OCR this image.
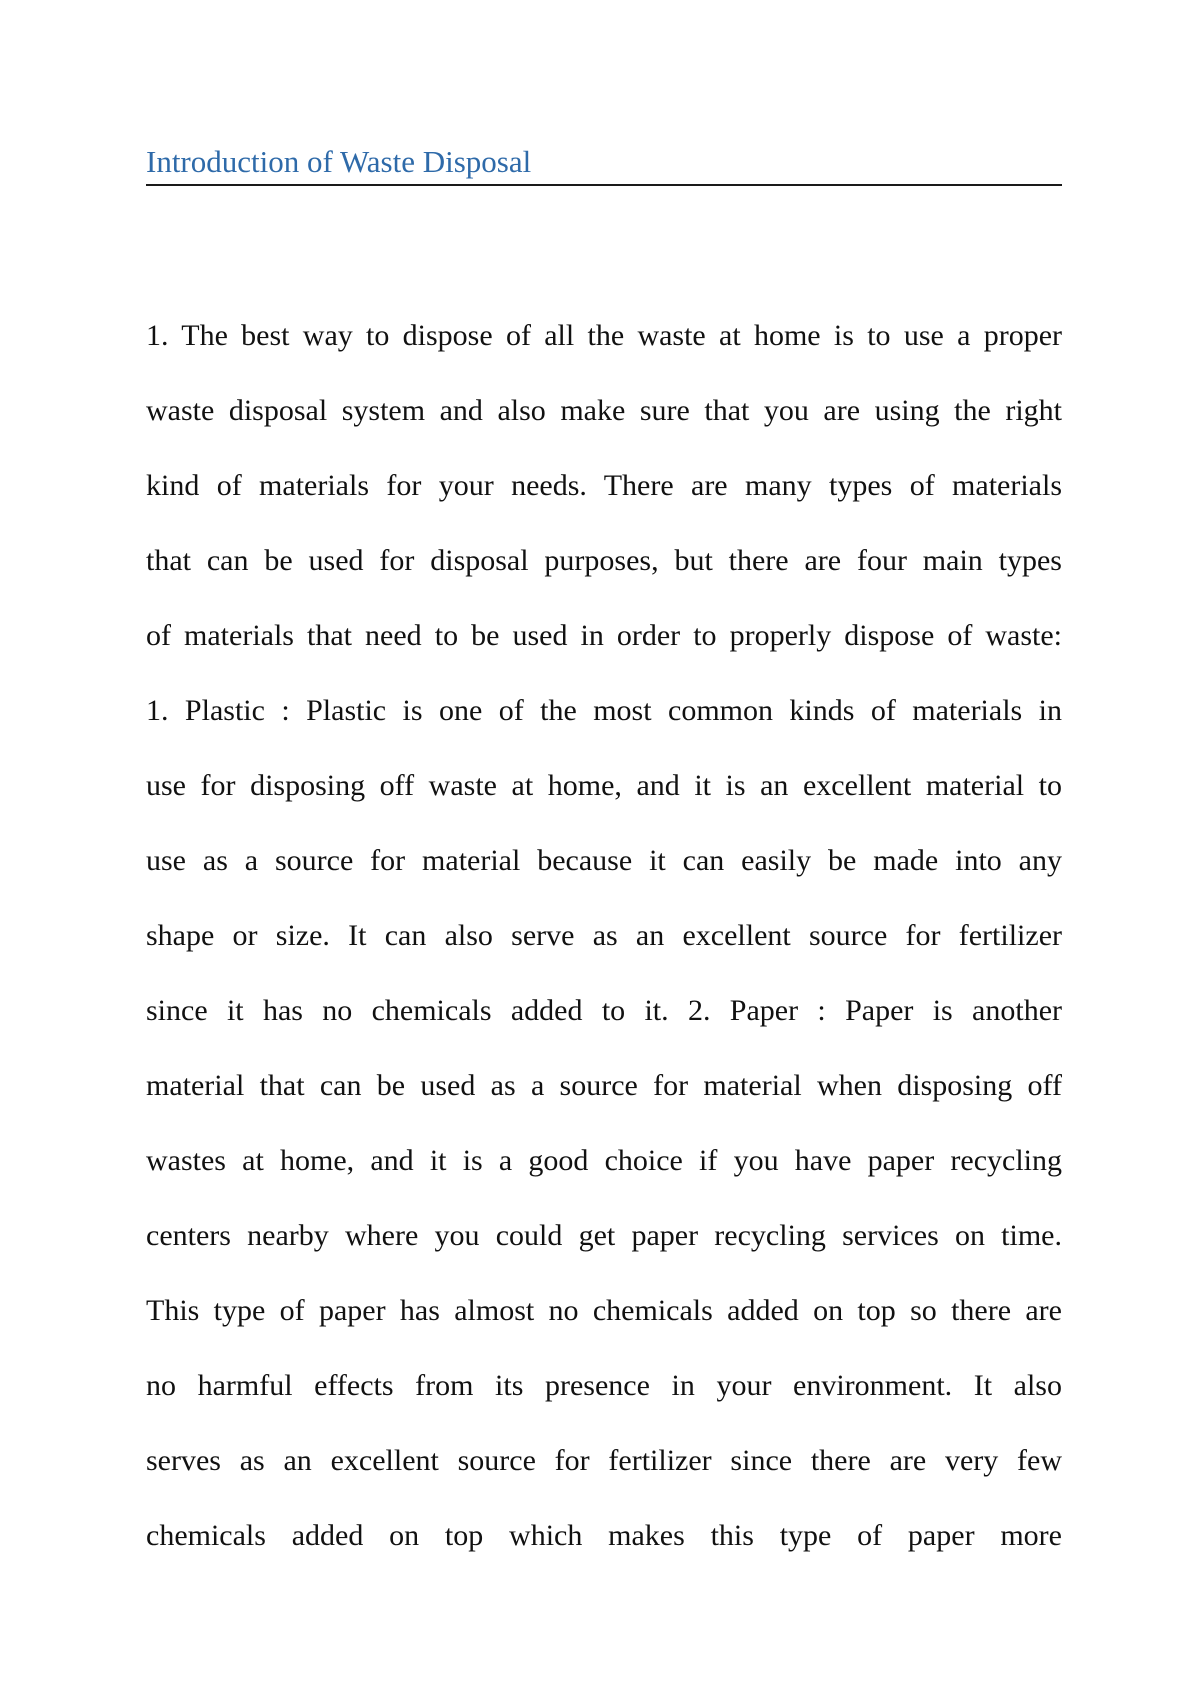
Introduction of Waste Disposal
1. The best way to dispose of all the waste at home is to use a proper
waste disposal system and also make sure that you are using the right
kind of materials for your needs. There are many types of materials
that can be used for disposal purposes, but there are four main types
of materials that need to be used in order to properly dispose of waste:
1. Plastic : Plastic is one of the most common kinds of materials in
use for disposing off waste at home, and it is an excellent material to
use as a source for material because it can easily be made into any
shape or size. It can also serve as an excellent source for fertilizer
since it has no chemicals added to it. 2. Paper : Paper is another
material that can be used as a source for material when disposing off
wastes at home, and it is a good choice if you have paper recycling
centers nearby where you could get paper recycling services on time.
This type of paper has almost no chemicals added on top so there are
no harmful effects from its presence in your environment. It also
serves as an excellent source for fertilizer since there are very few
chemicals added on top which makes this type of paper more
